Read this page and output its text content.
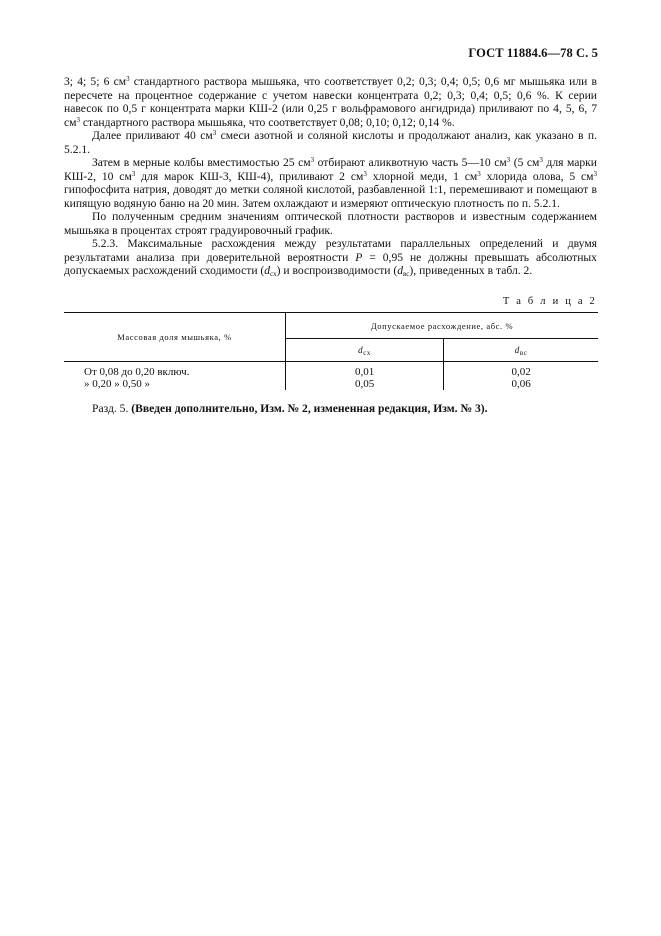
ГОСТ 11884.6—78 С. 5

3; 4; 5; 6 $см^3$ стандартного раствора мышьяка, что соответствует 0,2; 0,3; 0,4; 0,5; 0,6 мг мышьяка или в пересчете на процентное содержание с учетом навески концентрата 0,2; 0,3; 0,4; 0,5; 0,6 %. К серии навесок по 0,5 г концентрата марки КШ-2 (или 0,25 г вольфрамового ангидрида) приливают по 4, 5, 6, 7 $см^3$ стандартного раствора мышьяка, что соответствует 0,08; 0,10; 0,12; 0,14 %.

Далее приливают 40 $см^3$ смеси азотной и соляной кислоты и продолжают анализ, как указано в п. 5.2.1.

Затем в мерные колбы вместимостью 25 $см^3$ отбирают аликвотную часть 5—10 $см^3$ (5 $см^3$ для марки КШ-2, 10 $см^3$ для марок КШ-3, КШ-4), приливают 2 $см^3$ хлорной меди, 1 $см^3$ хлорида олова, 5 $см^3$ гипофосфита натрия, доводят до метки соляной кислотой, разбавленной 1:1, перемешивают и помещают в кипящую водяную баню на 20 мин. Затем охлаждают и измеряют оптическую плотность по п. 5.2.1.

По полученным средним значениям оптической плотности растворов и известным содержанием мышьяка в процентах строят градуировочный график.

5.2.3. Максимальные расхождения между результатами параллельных определений и двумя результатами анализа при доверительной вероятности P = 0,95 не должны превышать абсолютных допускаемых расхождений сходимости $(d_{сх})$ и воспроизводимости $(d_{вс})$, приведенных в табл. 2.

Т а б л и ц а 2
Массовая доля мышьяка, %	Допускаемое расхождение, абс. %	
	$d_{сх}$	$d_{вс}$

От 0,08 до 0,20 включ.	0,01	0,02
» 0,20 » 0,50 »	0,05	0,06
Разд. 5. (Введен дополнительно, Изм. № 2, измененная редакция, Изм. № 3).
